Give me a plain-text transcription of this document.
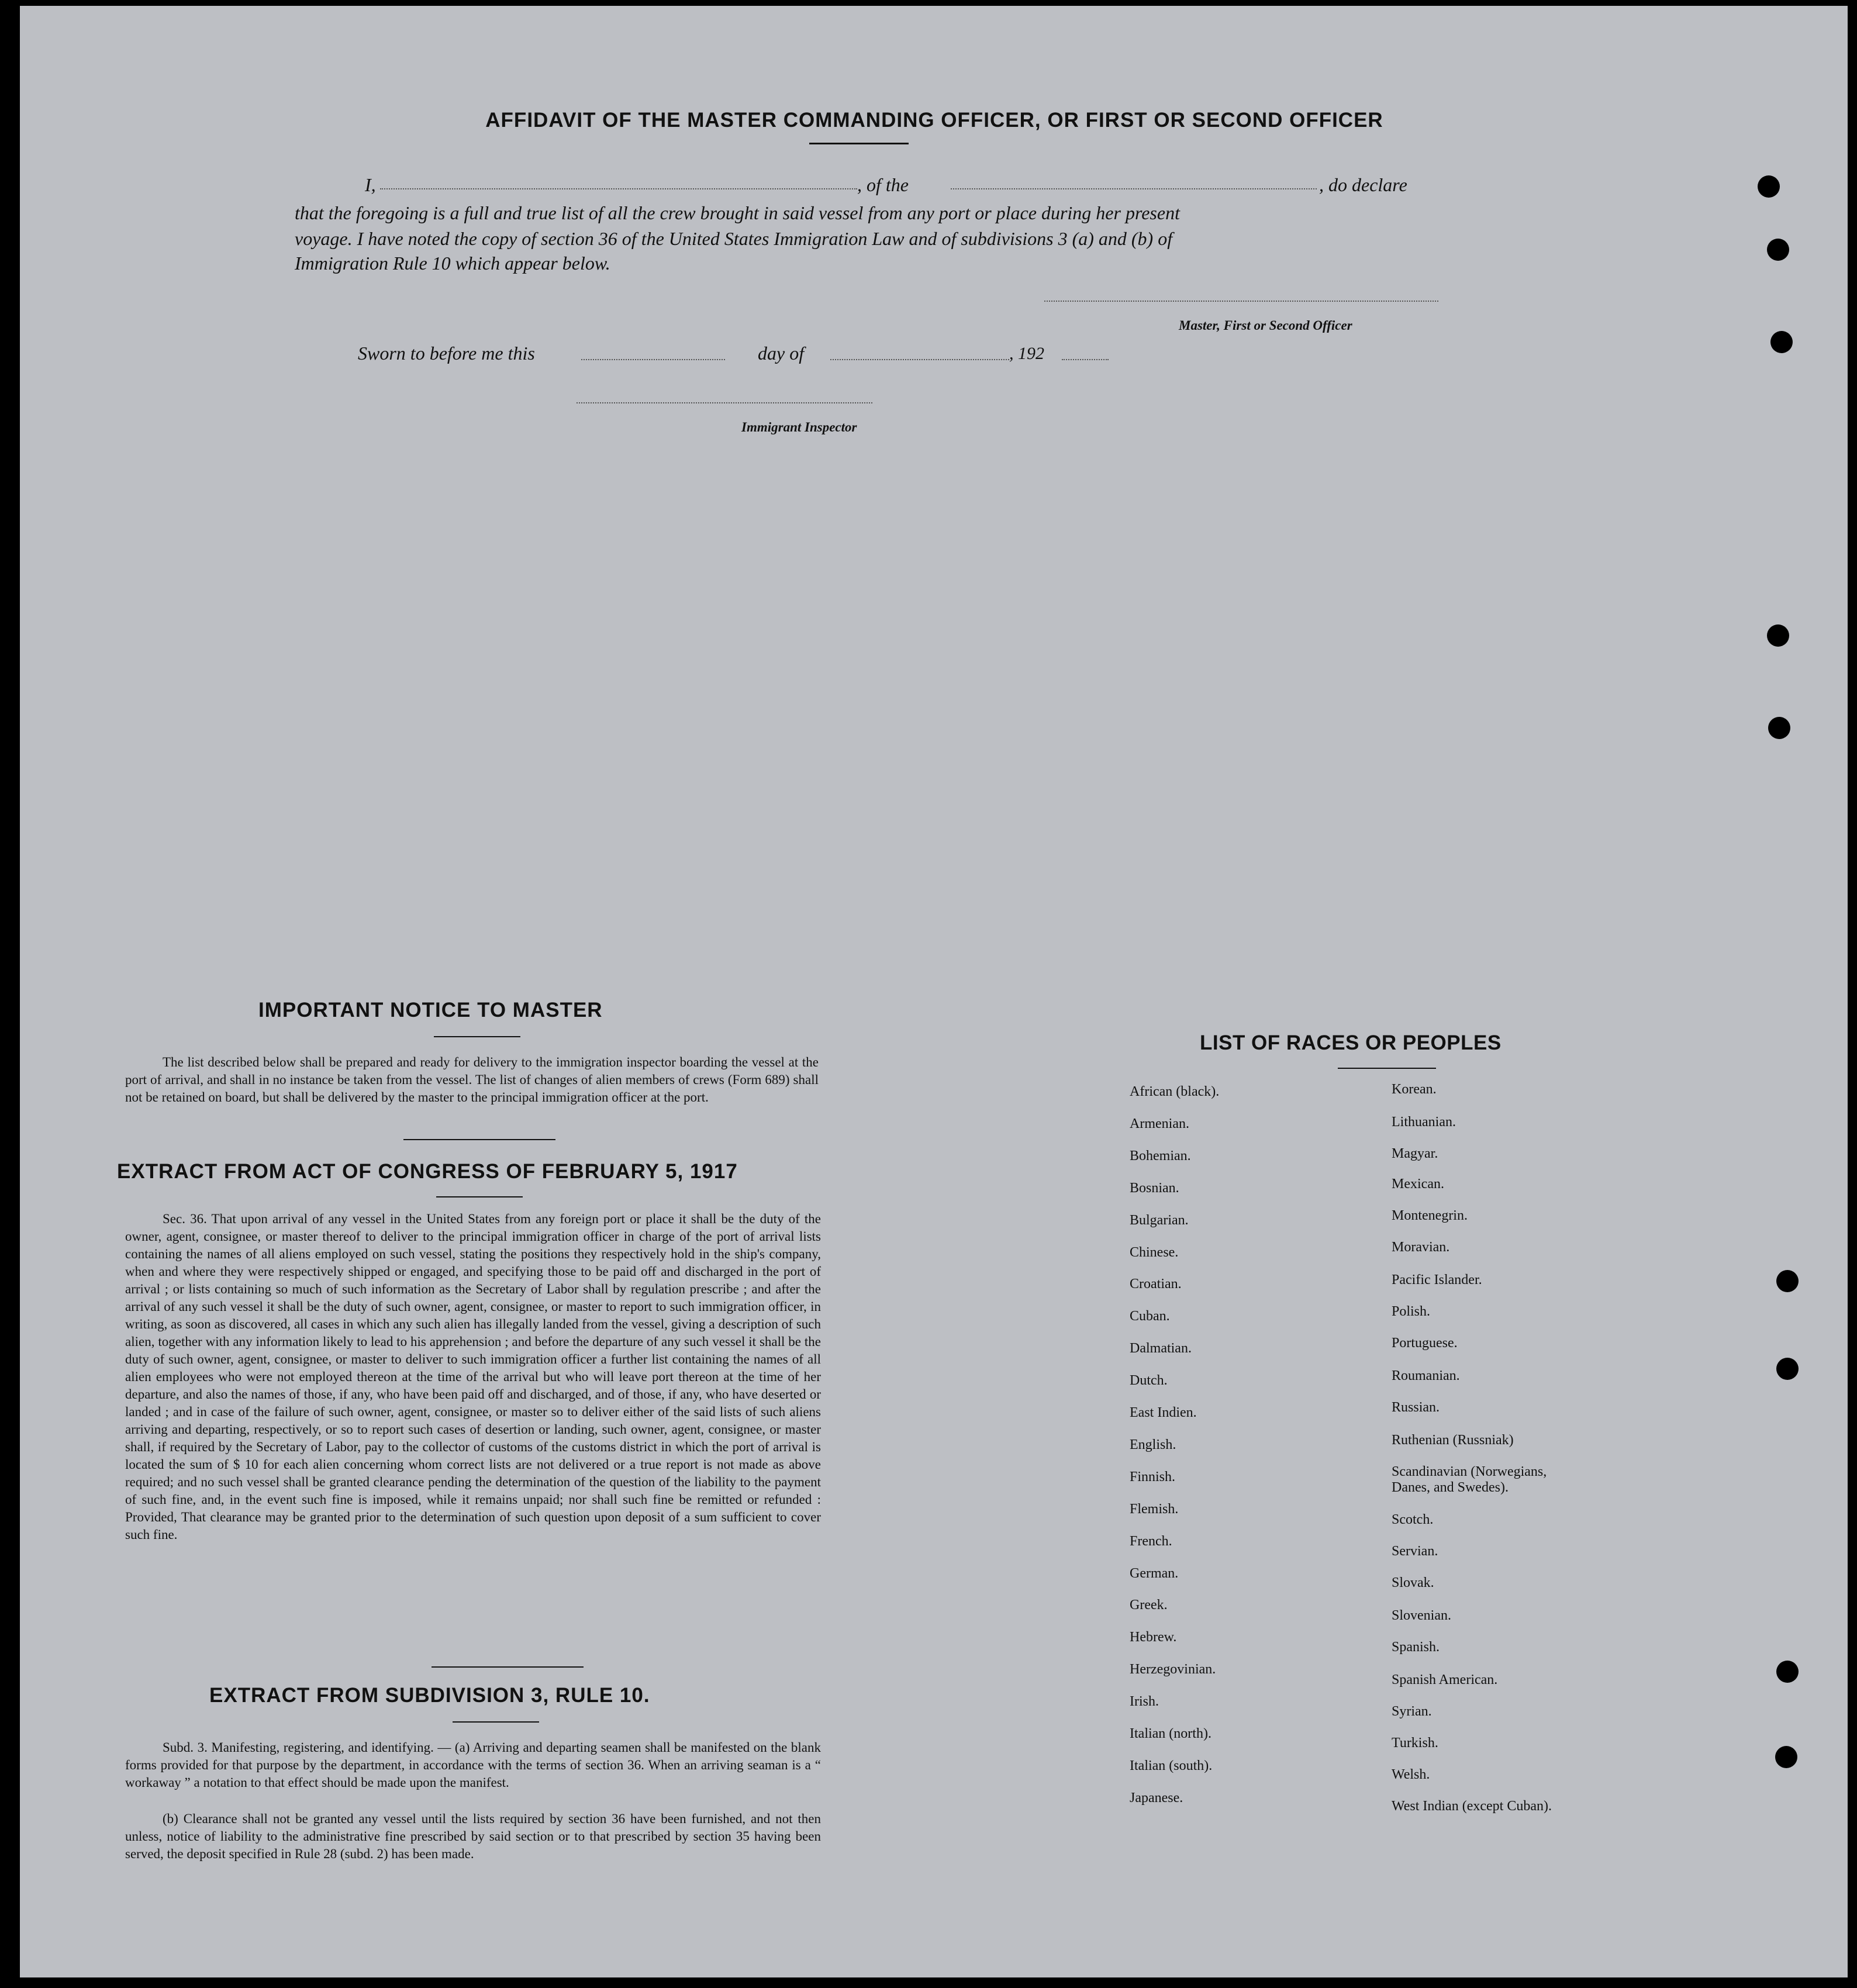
AFFIDAVIT OF THE MASTER COMMANDING OFFICER, OR FIRST OR SECOND OFFICER
I,	, of the	, do declare
that the foregoing is a full and true list of all the crew brought in said vessel from any port or place during her present
voyage. I have noted the copy of section 36 of the United States Immigration Law and of subdivisions 3 (a) and (b) of
Immigration Rule 10 which appear below.
Master, First or Second Officer
Sworn to before me this	day of	, 192
Immigrant Inspector
IMPORTANT NOTICE TO MASTER
The list described below shall be prepared and ready for delivery to the immigration inspector boarding the vessel at the port of arrival, and shall in no instance be taken from the vessel. The list of changes of alien members of crews (Form 689) shall not be retained on board, but shall be delivered by the master to the principal immigration officer at the port.
EXTRACT FROM ACT OF CONGRESS OF FEBRUARY 5, 1917
Sec. 36. That upon arrival of any vessel in the United States from any foreign port or place it shall be the duty of the owner, agent, consignee, or master thereof to deliver to the principal immigration officer in charge of the port of arrival lists containing the names of all aliens employed on such vessel, stating the positions they respectively hold in the ship's company, when and where they were respectively shipped or engaged, and specifying those to be paid off and discharged in the port of arrival ; or lists containing so much of such information as the Secretary of Labor shall by regulation prescribe ; and after the arrival of any such vessel it shall be the duty of such owner, agent, consignee, or master to report to such immigration officer, in writing, as soon as discovered, all cases in which any such alien has illegally landed from the vessel, giving a description of such alien, together with any information likely to lead to his apprehension ; and before the departure of any such vessel it shall be the duty of such owner, agent, consignee, or master to deliver to such immigration officer a further list containing the names of all alien employees who were not employed thereon at the time of the arrival but who will leave port thereon at the time of her departure, and also the names of those, if any, who have been paid off and discharged, and of those, if any, who have deserted or landed ; and in case of the failure of such owner, agent, consignee, or master so to deliver either of the said lists of such aliens arriving and departing, respectively, or so to report such cases of desertion or landing, such owner, agent, consignee, or master shall, if required by the Secretary of Labor, pay to the collector of customs of the customs district in which the port of arrival is located the sum of $ 10 for each alien concerning whom correct lists are not delivered or a true report is not made as above required; and no such vessel shall be granted clearance pending the determination of the question of the liability to the payment of such fine, and, in the event such fine is imposed, while it remains unpaid; nor shall such fine be remitted or refunded : Provided, That clearance may be granted prior to the determination of such question upon deposit of a sum sufficient to cover such fine.
EXTRACT FROM SUBDIVISION 3, RULE 10.
Subd. 3. Manifesting, registering, and identifying. — (a) Arriving and departing seamen shall be manifested on the blank forms provided for that purpose by the department, in accordance with the terms of section 36. When an arriving seaman is a “ workaway ” a notation to that effect should be made upon the manifest.
(b) Clearance shall not be granted any vessel until the lists required by section 36 have been furnished, and not then unless, notice of liability to the administrative fine prescribed by said section or to that prescribed by section 35 having been served, the deposit specified in Rule 28 (subd. 2) has been made.
LIST OF RACES OR PEOPLES
African (black).
Armenian.
Bohemian.
Bosnian.
Bulgarian.
Chinese.
Croatian.
Cuban.
Dalmatian.
Dutch.
East Indien.
English.
Finnish.
Flemish.
French.
German.
Greek.
Hebrew.
Herzegovinian.
Irish.
Italian (north).
Italian (south).
Japanese.
Korean.
Lithuanian.
Magyar.
Mexican.
Montenegrin.
Moravian.
Pacific Islander.
Polish.
Portuguese.
Roumanian.
Russian.
Ruthenian (Russniak)
Scandinavian (Norwegians, Danes, and Swedes).
Scotch.
Servian.
Slovak.
Slovenian.
Spanish.
Spanish American.
Syrian.
Turkish.
Welsh.
West Indian (except Cuban).
